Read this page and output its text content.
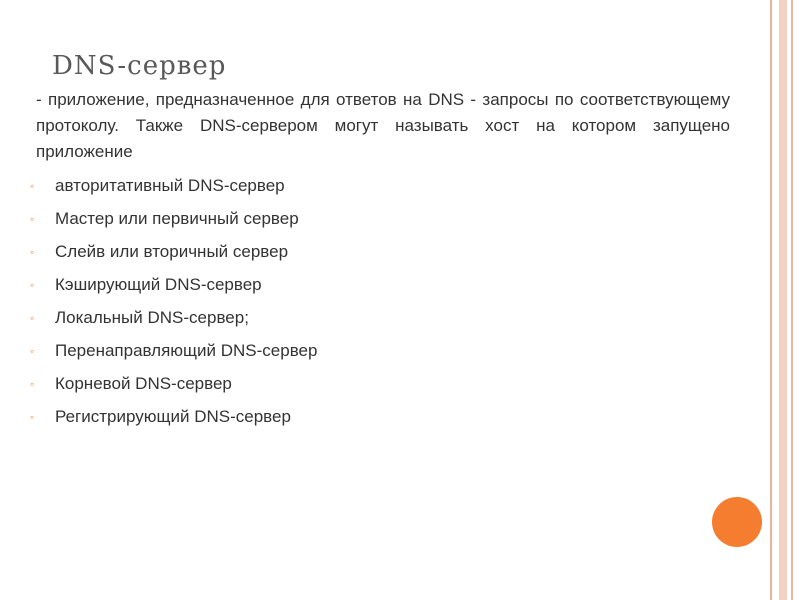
DNS-сервер

- приложение, предназначенное для ответов на DNS - запросы по соответствующему протоколу. Также DNS-сервером могут называть хост на котором запущено приложение

◦ авторитативный DNS-сервер
◦ Мастер или первичный сервер
◦ Слейв или вторичный сервер
◦ Кэширующий DNS-сервер
◦ Локальный DNS-сервер;
◦ Перенаправляющий DNS-сервер
◦ Корневой DNS-сервер
◦ Регистрирующий DNS-сервер
